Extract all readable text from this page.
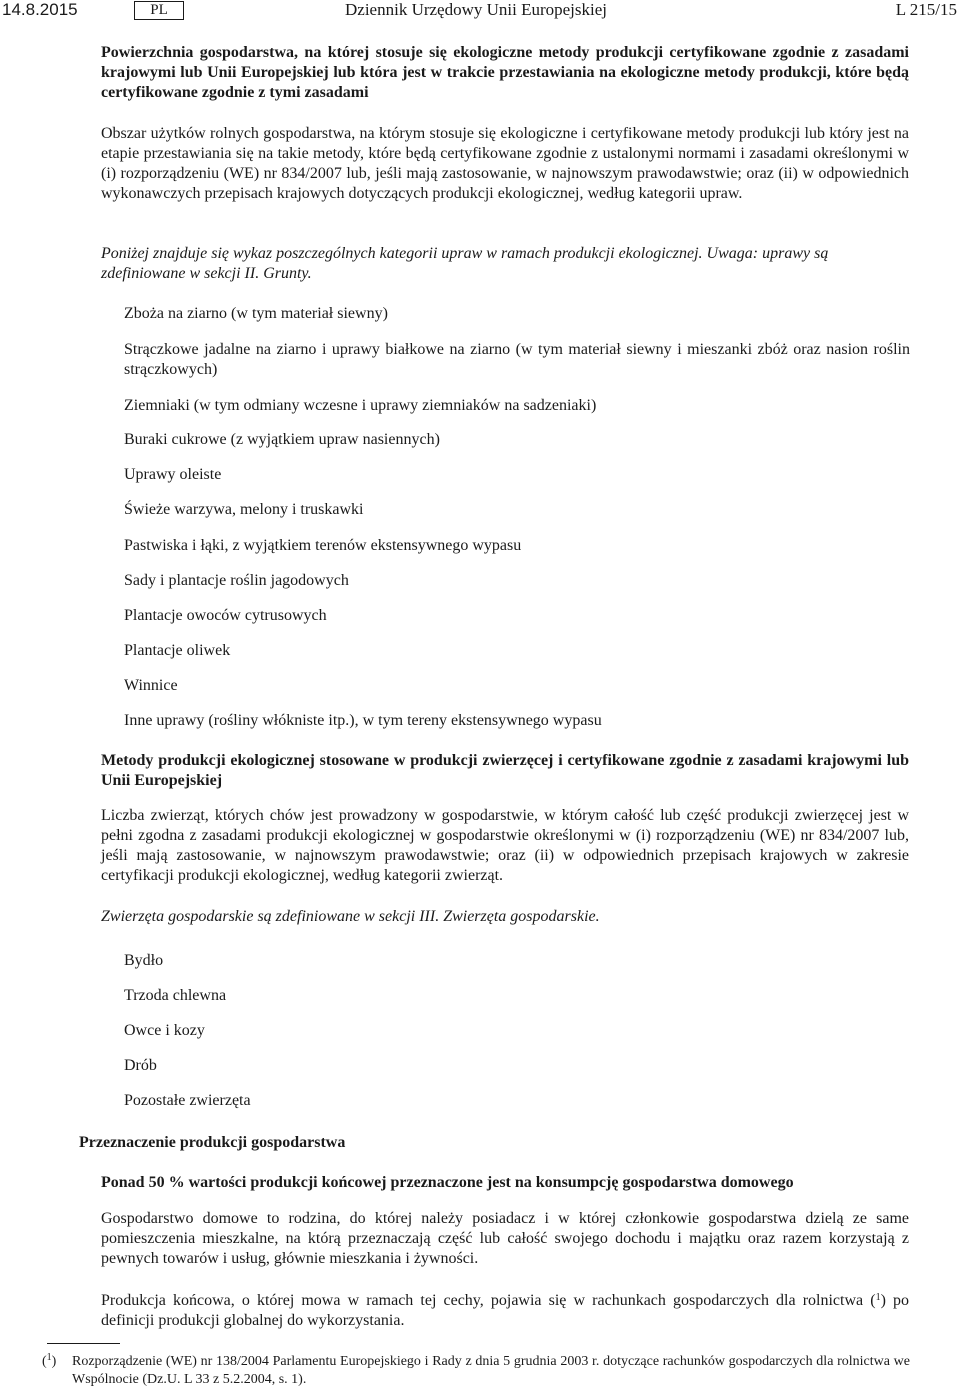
14.8.2015	PL	Dziennik Urzędowy Unii Europejskiej	L 215/15
Powierzchnia gospodarstwa, na której stosuje się ekologiczne metody produkcji certyfikowane zgodnie z zasadami krajowymi lub Unii Europejskiej lub która jest w trakcie przestawiania na ekologiczne metody produkcji, które będą certyfikowane zgodnie z tymi zasadami
Obszar użytków rolnych gospodarstwa, na którym stosuje się ekologiczne i certyfikowane metody produkcji lub który jest na etapie przestawiania się na takie metody, które będą certyfikowane zgodnie z ustalonymi normami i zasadami określonymi w (i) rozporządzeniu (WE) nr 834/2007 lub, jeśli mają zastosowanie, w najnowszym prawodawstwie; oraz (ii) w odpowiednich wykonawczych przepisach krajowych dotyczących produkcji ekologicznej, według kategorii upraw.
Poniżej znajduje się wykaz poszczególnych kategorii upraw w ramach produkcji ekologicznej. Uwaga: uprawy są zdefiniowane w sekcji II. Grunty.
Zboża na ziarno (w tym materiał siewny)
Strączkowe jadalne na ziarno i uprawy białkowe na ziarno (w tym materiał siewny i mieszanki zbóż oraz nasion roślin strączkowych)
Ziemniaki (w tym odmiany wczesne i uprawy ziemniaków na sadzeniaki)
Buraki cukrowe (z wyjątkiem upraw nasiennych)
Uprawy oleiste
Świeże warzywa, melony i truskawki
Pastwiska i łąki, z wyjątkiem terenów ekstensywnego wypasu
Sady i plantacje roślin jagodowych
Plantacje owoców cytrusowych
Plantacje oliwek
Winnice
Inne uprawy (rośliny włókniste itp.), w tym tereny ekstensywnego wypasu
Metody produkcji ekologicznej stosowane w produkcji zwierzęcej i certyfikowane zgodnie z zasadami krajowymi lub Unii Europejskiej
Liczba zwierząt, których chów jest prowadzony w gospodarstwie, w którym całość lub część produkcji zwierzęcej jest w pełni zgodna z zasadami produkcji ekologicznej w gospodarstwie określonymi w (i) rozporządzeniu (WE) nr 834/2007 lub, jeśli mają zastosowanie, w najnowszym prawodawstwie; oraz (ii) w odpowiednich przepisach krajowych w zakresie certyfikacji produkcji ekologicznej, według kategorii zwierząt.
Zwierzęta gospodarskie są zdefiniowane w sekcji III. Zwierzęta gospodarskie.
Bydło
Trzoda chlewna
Owce i kozy
Drób
Pozostałe zwierzęta
Przeznaczenie produkcji gospodarstwa
Ponad 50 % wartości produkcji końcowej przeznaczone jest na konsumpcję gospodarstwa domowego
Gospodarstwo domowe to rodzina, do której należy posiadacz i w której członkowie gospodarstwa dzielą ze same pomieszczenia mieszkalne, na którą przeznaczają część lub całość swojego dochodu i majątku oraz razem korzystają z pewnych towarów i usług, głównie mieszkania i żywności.
Produkcja końcowa, o której mowa w ramach tej cechy, pojawia się w rachunkach gospodarczych dla rolnictwa ($^1$) po definicji produkcji globalnej do wykorzystania.
($^1$) Rozporządzenie (WE) nr 138/2004 Parlamentu Europejskiego i Rady z dnia 5 grudnia 2003 r. dotyczące rachunków gospodarczych dla rolnictwa we Wspólnocie (Dz.U. L 33 z 5.2.2004, s. 1).
